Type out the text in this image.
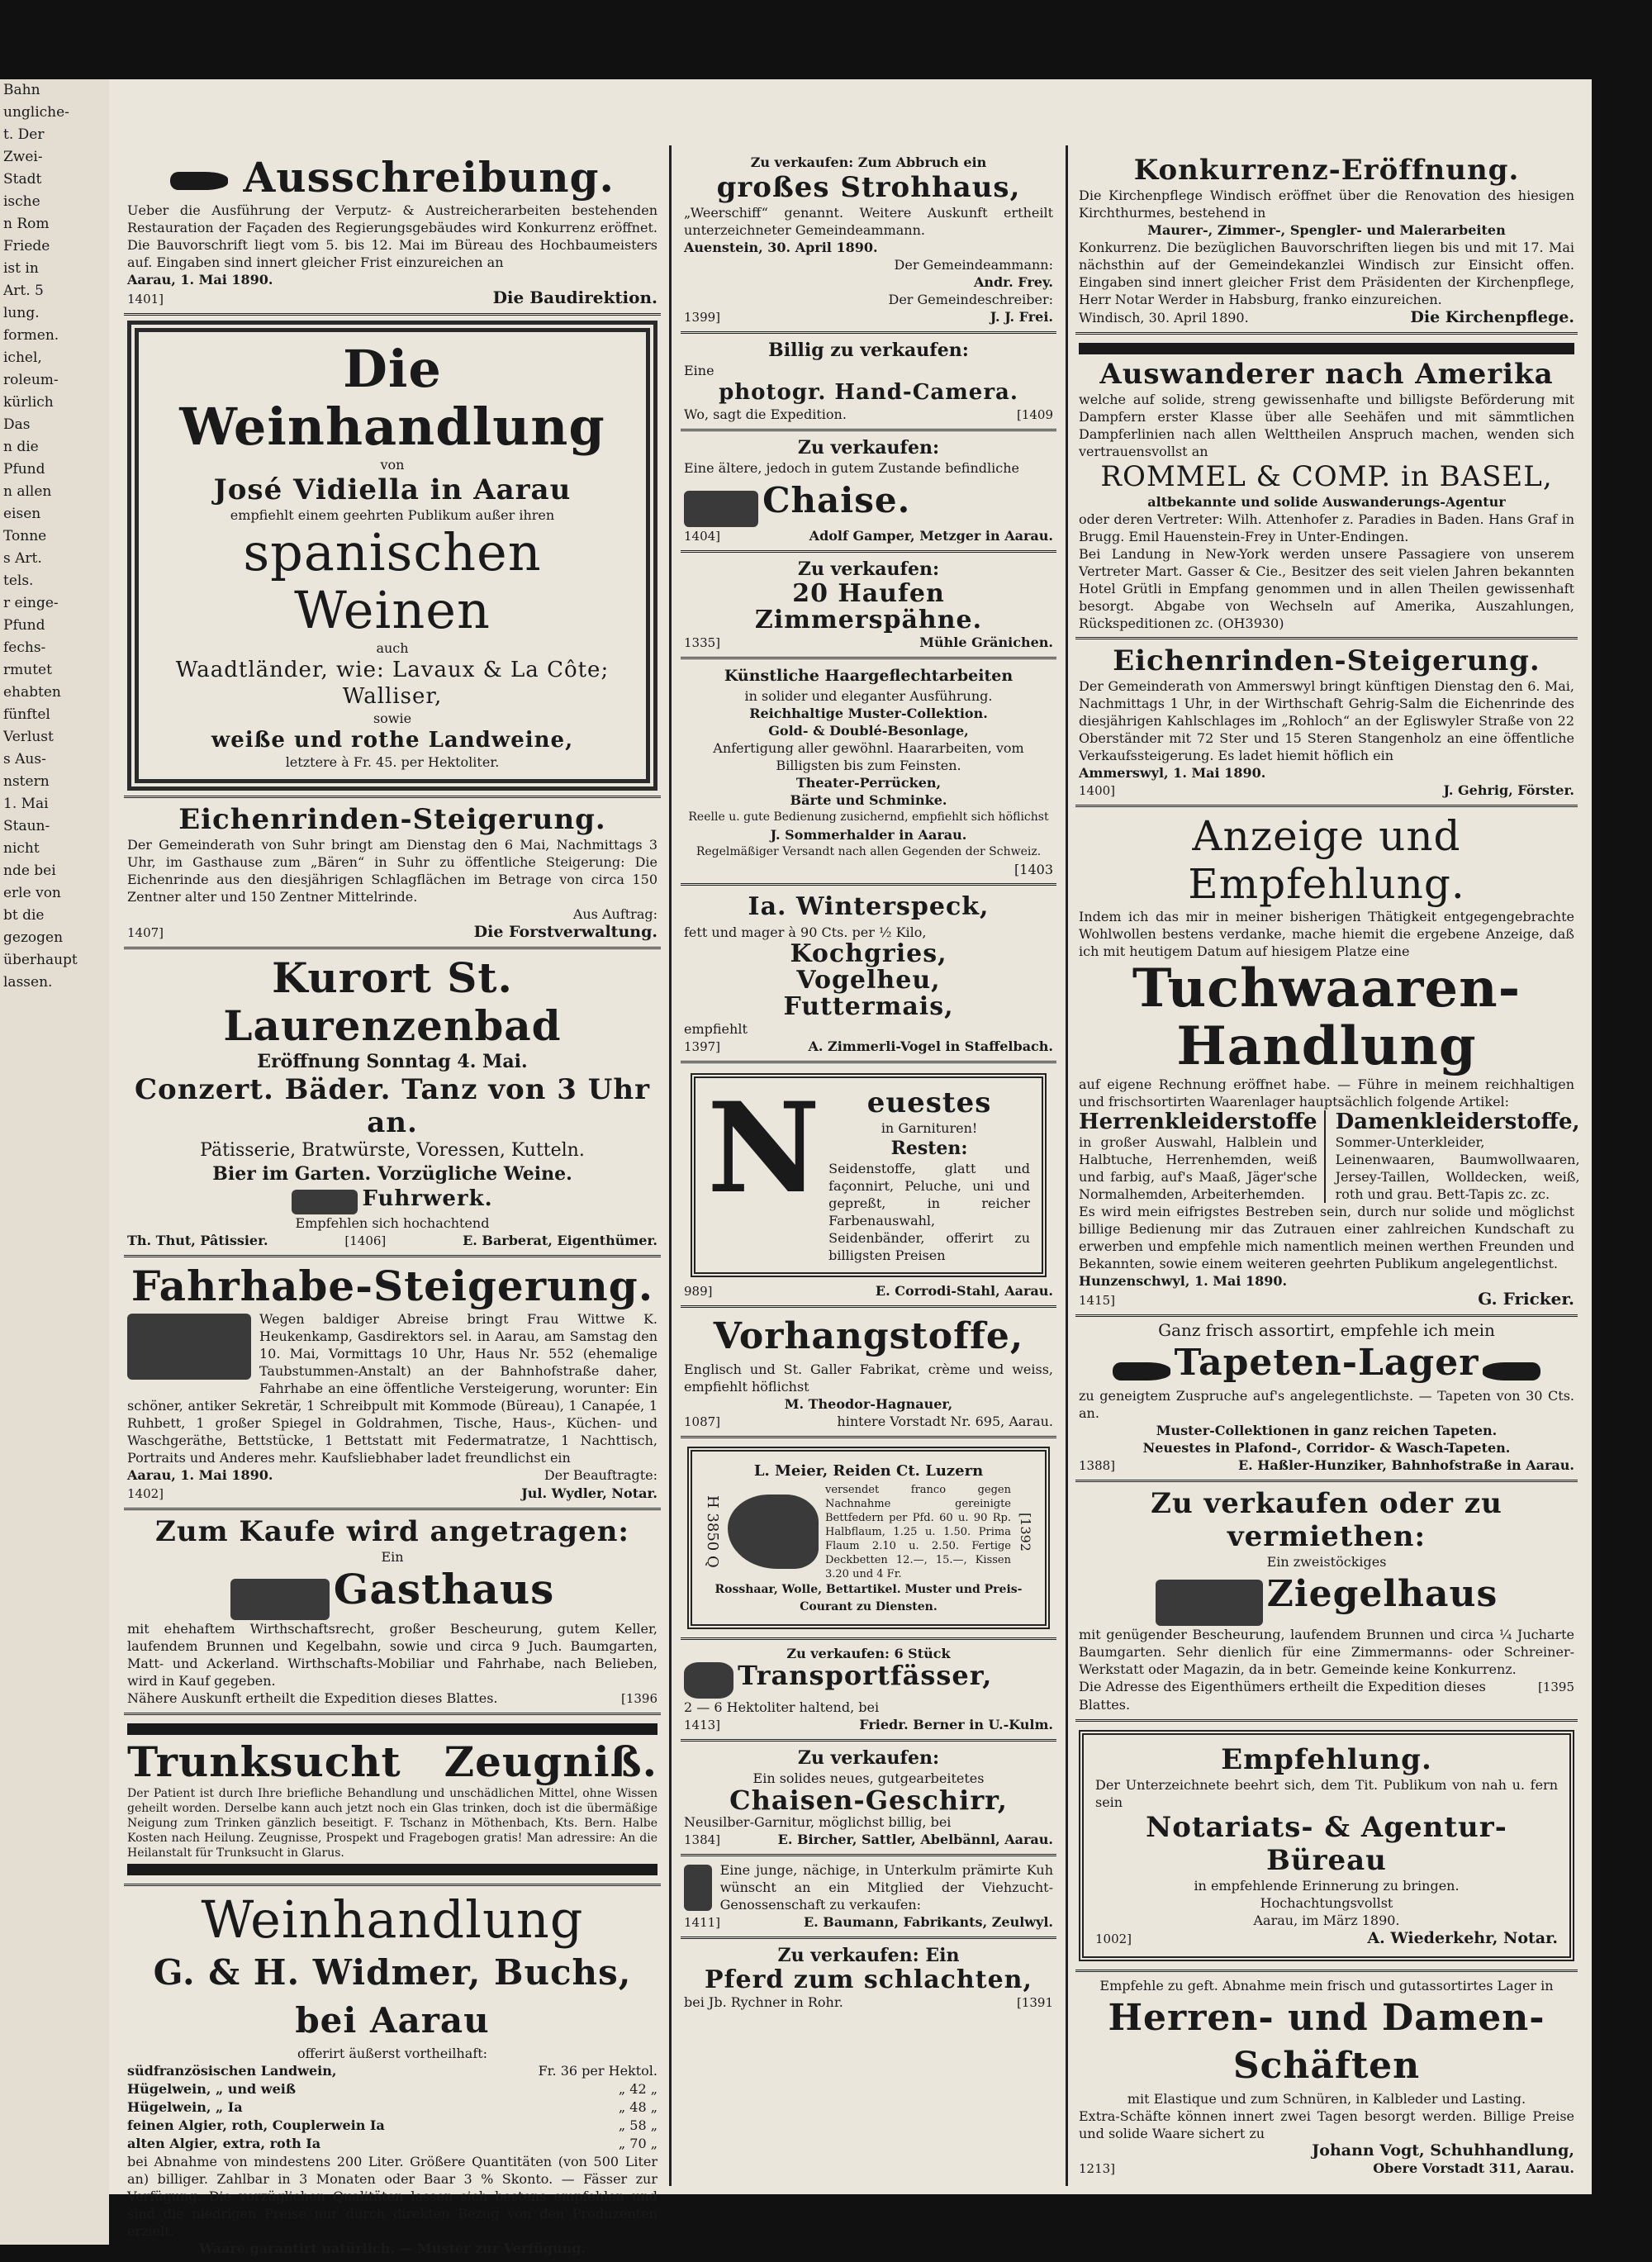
Bahn
ungliche-
t. Der
Zwei-
Stadt
ische
n Rom
Friede
ist in
Art. 5
lung.
formen.
ichel,
roleum-
kürlich
Das
n die
Pfund
n allen
eisen
Tonne
s Art.
tels.
r einge-
Pfund
fechs-
rmutet
ehabten
fünftel
Verlust
s Aus-
nstern
1. Mai
Staun-
nicht
nde bei
erle von
bt die
gezogen
überhaupt
lassen.
Ausschreibung.
Ueber die Ausführung der Verputz- & Austreicherarbeiten bestehenden Restauration der Façaden des Regierungsgebäudes wird Konkurrenz eröffnet. Die Bauvorschrift liegt vom 5. bis 12. Mai im Büreau des Hochbaumeisters auf. Eingaben sind innert gleicher Frist einzureichen an
Aarau, 1. Mai 1890.
1401]	Die Baudirektion.
Die Weinhandlung
von
José Vidiella in Aarau
empfiehlt einem geehrten Publikum außer ihren
spanischen Weinen
auch
Waadtländer, wie: Lavaux & La Côte; Walliser,
sowie
weiße und rothe Landweine,
letztere à Fr. 45. per Hektoliter.
Eichenrinden-Steigerung.
Der Gemeinderath von Suhr bringt am Dienstag den 6 Mai, Nachmittags 3 Uhr, im Gasthause zum „Bären“ in Suhr zu öffentliche Steigerung: Die Eichenrinde aus den diesjährigen Schlagflächen im Betrage von circa 150 Zentner alter und 150 Zentner Mittelrinde.
Aus Auftrag:
1407]	Die Forstverwaltung.
Kurort St. Laurenzenbad
Eröffnung Sonntag 4. Mai.
Conzert. Bäder. Tanz von 3 Uhr an.
Pätisserie, Bratwürste, Voressen, Kutteln.
Bier im Garten. Vorzügliche Weine.
Fuhrwerk.
Empfehlen sich hochachtend
Th. Thut, Pâtissier.	[1406]	E. Barberat, Eigenthümer.
Fahrhabe-Steigerung.
Wegen baldiger Abreise bringt Frau Wittwe K. Heukenkamp, Gasdirektors sel. in Aarau, am Samstag den 10. Mai, Vormittags 10 Uhr, Haus Nr. 552 (ehemalige Taubstummen-Anstalt) an der Bahnhofstraße daher, Fahrhabe an eine öffentliche Versteigerung, worunter: Ein schöner, antiker Sekretär, 1 Schreibpult mit Kommode (Büreau), 1 Canapée, 1 Ruhbett, 1 großer Spiegel in Goldrahmen, Tische, Haus-, Küchen- und Waschgeräthe, Bettstücke, 1 Bettstatt mit Federmatratze, 1 Nachttisch, Portraits und Anderes mehr. Kaufsliebhaber ladet freundlichst ein
Aarau, 1. Mai 1890.	Der Beauftragte:
1402]	Jul. Wydler, Notar.
Zum Kaufe wird angetragen:
Ein
Gasthaus
mit ehehaftem Wirthschaftsrecht, großer Bescheurung, gutem Keller, laufendem Brunnen und Kegelbahn, sowie und circa 9 Juch. Baumgarten, Matt- und Ackerland. Wirthschafts-Mobiliar und Fahrhabe, nach Belieben, wird in Kauf gegeben.
Nähere Auskunft ertheilt die Expedition dieses Blattes.	[1396
Trunksucht Zeugniß.
Der Patient ist durch Ihre briefliche Behandlung und unschädlichen Mittel, ohne Wissen geheilt worden. Derselbe kann auch jetzt noch ein Glas trinken, doch ist die übermäßige Neigung zum Trinken gänzlich beseitigt. F. Tschanz in Möthenbach, Kts. Bern. Halbe Kosten nach Heilung. Zeugnisse, Prospekt und Fragebogen gratis! Man adressire: An die Heilanstalt für Trunksucht in Glarus.
Weinhandlung
G. & H. Widmer, Buchs, bei Aarau
offerirt äußerst vortheilhaft:
südfranzösischen Landwein,	Fr. 36 per Hektol.
Hügelwein, „ und weiß	„ 42 „
Hügelwein, „ Ia	„ 48 „
feinen Algier, roth, Couplerwein Ia	„ 58 „
alten Algier, extra, roth Ia	„ 70 „
bei Abnahme von mindestens 200 Liter. Größere Quantitäten (von 500 Liter an) billiger. Zahlbar in 3 Monaten oder Baar 3 % Skonto. — Fässer zur Verfügung. Die vorzüglichen Qualitäten lassen sich bestens empfehlen und sind die niedrigen Preise nur durch direkten Bezug von den Produzenten erzielt.
Waare garantirt natürlich. — Muster zur Verfügung.
Zu verkaufen: Zum Abbruch ein
großes Strohhaus,
„Weerschiff“ genannt. Weitere Auskunft ertheilt unterzeichneter Gemeindeammann.
Auenstein, 30. April 1890.
Der Gemeindeammann:
Andr. Frey.
Der Gemeindeschreiber:
1399]	J. J. Frei.
Billig zu verkaufen:
Eine
photogr. Hand-Camera.
Wo, sagt die Expedition.	[1409
Zu verkaufen:
Eine ältere, jedoch in gutem Zustande befindliche
Chaise.
1404]	Adolf Gamper, Metzger in Aarau.
Zu verkaufen:
20 Haufen Zimmerspähne.
1335]	Mühle Gränichen.
Künstliche Haargeflechtarbeiten
in solider und eleganter Ausführung.
Reichhaltige Muster-Collektion.
Gold- & Doublé-Besonlage,
Anfertigung aller gewöhnl. Haararbeiten, vom Billigsten bis zum Feinsten.
Theater-Perrücken,
Bärte und Schminke.
Reelle u. gute Bedienung zusichernd, empfiehlt sich höflichst
J. Sommerhalder in Aarau.
Regelmäßiger Versandt nach allen Gegenden der Schweiz.
[1403
Ia. Winterspeck,
fett und mager à 90 Cts. per ½ Kilo,
Kochgries,
Vogelheu,
Futtermais,
empfiehlt
1397]	A. Zimmerli-Vogel in Staffelbach.
N	euestes
in Garnituren!
Resten:
Seidenstoffe, glatt und façonnirt, Peluche, uni und gepreßt, in reicher Farbenauswahl, Seidenbänder, offerirt zu billigsten Preisen
989]	E. Corrodi-Stahl, Aarau.
Vorhangstoffe,
Englisch und St. Galler Fabrikat, crème und weiss, empfiehlt höflichst
M. Theodor-Hagnauer,
1087]	hintere Vorstadt Nr. 695, Aarau.
L. Meier, Reiden Ct. Luzern
H 3850 Q
versendet franco gegen Nachnahme gereinigte Bettfedern per Pfd. 60 u. 90 Rp. Halbflaum, 1.25 u. 1.50. Prima Flaum 2.10 u. 2.50. Fertige Deckbetten 12.—, 15.—, Kissen 3.20 und 4 Fr.
[1392
Rosshaar, Wolle, Bettartikel. Muster und Preis-Courant zu Diensten.
Zu verkaufen: 6 Stück
Transportfässer,
2 — 6 Hektoliter haltend, bei
1413]	Friedr. Berner in U.-Kulm.
Zu verkaufen:
Ein solides neues, gutgearbeitetes
Chaisen-Geschirr,
Neusilber-Garnitur, möglichst billig, bei
1384]	E. Bircher, Sattler, Abelbännl, Aarau.
Eine junge, nächige, in Unterkulm prämirte Kuh wünscht an ein Mitglied der Viehzucht-Genossenschaft zu verkaufen:
1411]	E. Baumann, Fabrikants, Zeulwyl.
Zu verkaufen: Ein
Pferd zum schlachten,
bei Jb. Rychner in Rohr.	[1391
Konkurrenz-Eröffnung.
Die Kirchenpflege Windisch eröffnet über die Renovation des hiesigen Kirchthurmes, bestehend in
Maurer-, Zimmer-, Spengler- und Malerarbeiten
Konkurrenz. Die bezüglichen Bauvorschriften liegen bis und mit 17. Mai nächsthin auf der Gemeindekanzlei Windisch zur Einsicht offen. Eingaben sind innert gleicher Frist dem Präsidenten der Kirchenpflege, Herr Notar Werder in Habsburg, franko einzureichen.
Windisch, 30. April 1890.	Die Kirchenpflege.
Auswanderer nach Amerika
welche auf solide, streng gewissenhafte und billigste Beförderung mit Dampfern erster Klasse über alle Seehäfen und mit sämmtlichen Dampferlinien nach allen Welttheilen Anspruch machen, wenden sich vertrauensvollst an
ROMMEL & COMP. in BASEL,
altbekannte und solide Auswanderungs-Agentur
oder deren Vertreter: Wilh. Attenhofer z. Paradies in Baden. Hans Graf in Brugg. Emil Hauenstein-Frey in Unter-Endingen.
Bei Landung in New-York werden unsere Passagiere von unserem Vertreter Mart. Gasser & Cie., Besitzer des seit vielen Jahren bekannten Hotel Grütli in Empfang genommen und in allen Theilen gewissenhaft besorgt. Abgabe von Wechseln auf Amerika, Auszahlungen, Rückspeditionen zc. (OH3930)
Eichenrinden-Steigerung.
Der Gemeinderath von Ammerswyl bringt künftigen Dienstag den 6. Mai, Nachmittags 1 Uhr, in der Wirthschaft Gehrig-Salm die Eichenrinde des diesjährigen Kahlschlages im „Rohloch“ an der Egliswyler Straße von 22 Oberständer mit 72 Ster und 15 Steren Stangenholz an eine öffentliche Verkaufssteigerung. Es ladet hiemit höflich ein
Ammerswyl, 1. Mai 1890.
1400]	J. Gehrig, Förster.
Anzeige und Empfehlung.
Indem ich das mir in meiner bisherigen Thätigkeit entgegengebrachte Wohlwollen bestens verdanke, mache hiemit die ergebene Anzeige, daß ich mit heutigem Datum auf hiesigem Platze eine
Tuchwaaren-Handlung
auf eigene Rechnung eröffnet habe. — Führe in meinem reichhaltigen und frischsortirten Waarenlager hauptsächlich folgende Artikel:
Herrenkleiderstoffe
in großer Auswahl, Halblein und Halbtuche, Herrenhemden, weiß und farbig, auf's Maaß, Jäger'sche Normalhemden, Arbeiterhemden.
Damenkleiderstoffe,
Sommer-Unterkleider, Leinenwaaren, Baumwollwaaren, Jersey-Taillen, Wolldecken, weiß, roth und grau. Bett-Tapis zc. zc.
Es wird mein eifrigstes Bestreben sein, durch nur solide und möglichst billige Bedienung mir das Zutrauen einer zahlreichen Kundschaft zu erwerben und empfehle mich namentlich meinen werthen Freunden und Bekannten, sowie einem weiteren geehrten Publikum angelegentlichst.
Hunzenschwyl, 1. Mai 1890.
1415]	G. Fricker.
Ganz frisch assortirt, empfehle ich mein
Tapeten-Lager
zu geneigtem Zuspruche auf's angelegentlichste. — Tapeten von 30 Cts. an.
Muster-Collektionen in ganz reichen Tapeten.
Neuestes in Plafond-, Corridor- & Wasch-Tapeten.
1388]	E. Haßler-Hunziker, Bahnhofstraße in Aarau.
Zu verkaufen oder zu vermiethen:
Ein zweistöckiges
Ziegelhaus
mit genügender Bescheurung, laufendem Brunnen und circa ¼ Jucharte Baumgarten. Sehr dienlich für eine Zimmermanns- oder Schreiner-Werkstatt oder Magazin, da in betr. Gemeinde keine Konkurrenz.
Die Adresse des Eigenthümers ertheilt die Expedition dieses Blattes.
[1395
Empfehlung.
Der Unterzeichnete beehrt sich, dem Tit. Publikum von nah u. fern sein
Notariats- & Agentur-Büreau
in empfehlende Erinnerung zu bringen.
Hochachtungsvollst
Aarau, im März 1890.
1002]	A. Wiederkehr, Notar.
Empfehle zu geft. Abnahme mein frisch und gutassortirtes Lager in
Herren- und Damen-Schäften
mit Elastique und zum Schnüren, in Kalbleder und Lasting.
Extra-Schäfte können innert zwei Tagen besorgt werden. Billige Preise und solide Waare sichert zu
Johann Vogt, Schuhhandlung,
1213]	Obere Vorstadt 311, Aarau.
